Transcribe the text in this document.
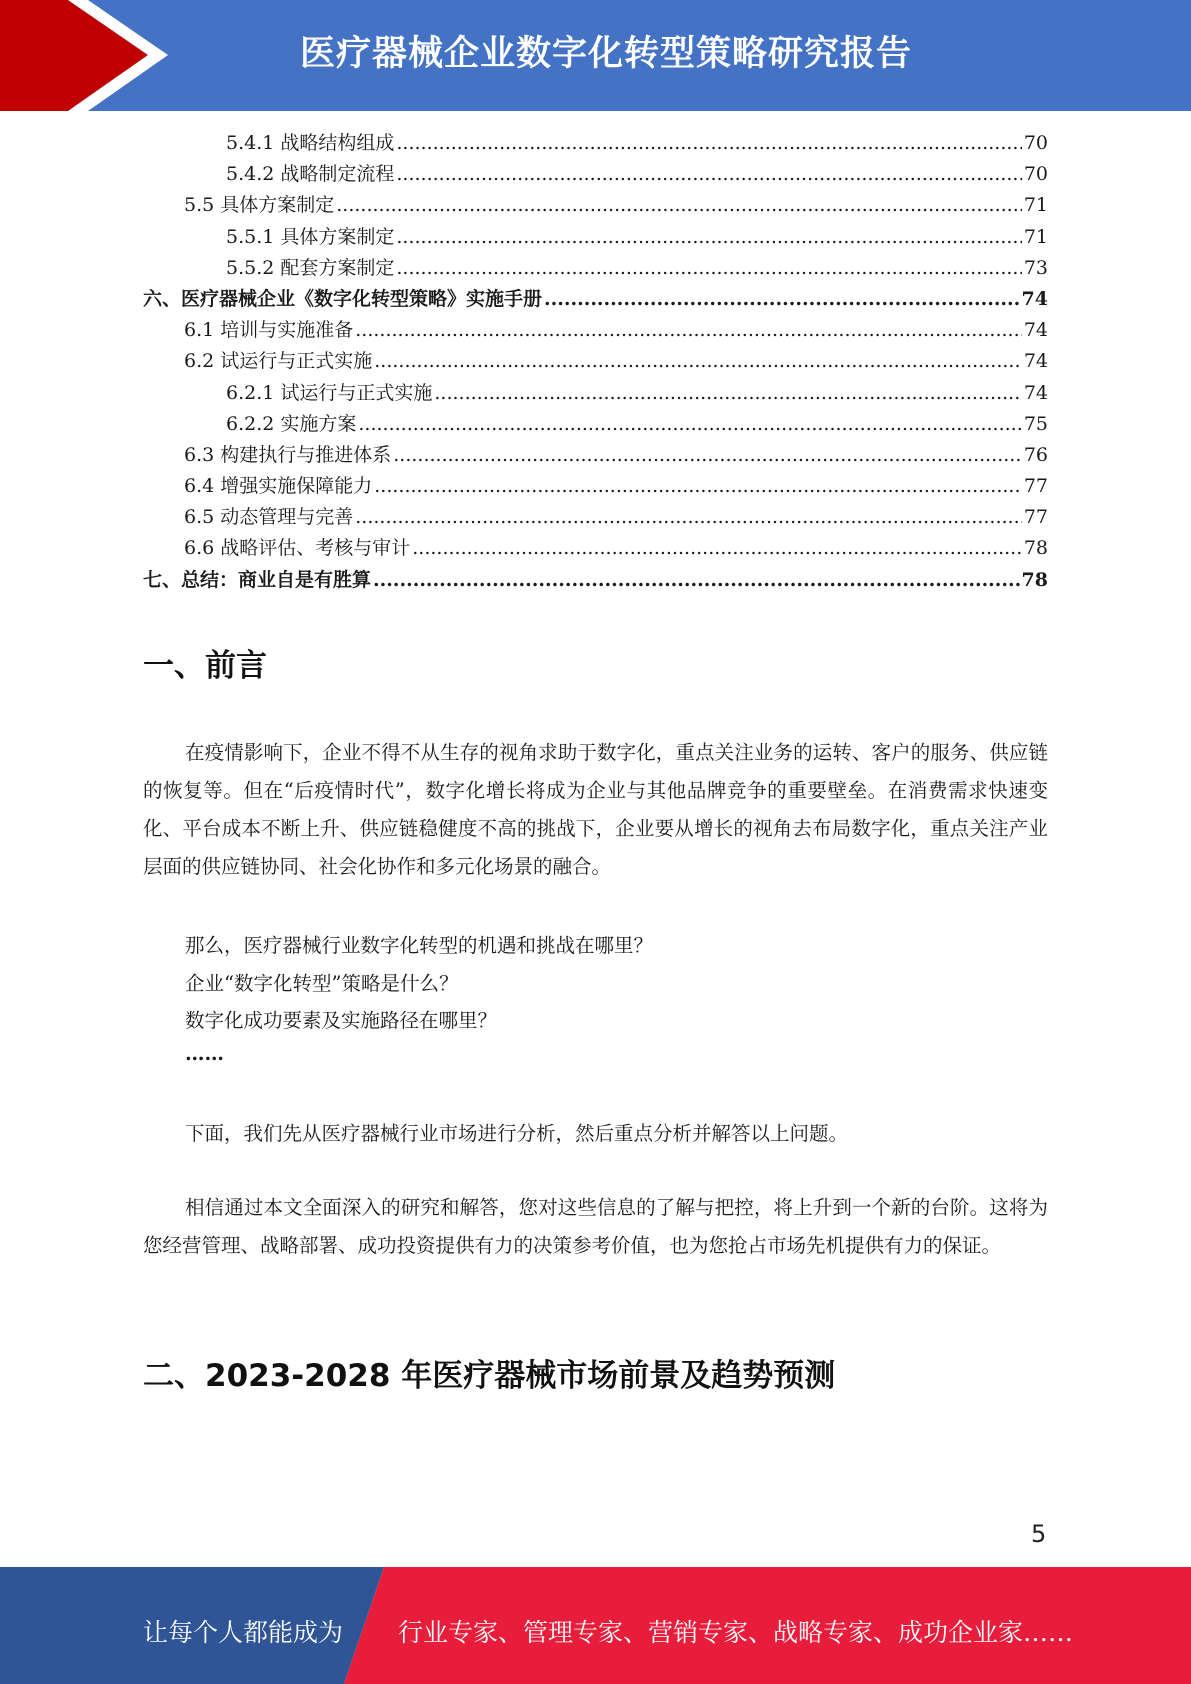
医疗器械企业数字化转型策略研究报告
5.4.1 战略结构组成 .....	70
5.4.2 战略制定流程 .....	70
5.5 具体方案制定 .....	71
5.5.1 具体方案制定 .....	71
5.5.2 配套方案制定 .....	73
六、医疗器械企业《数字化转型策略》实施手册 .....	74
6.1 培训与实施准备 .....	74
6.2 试运行与正式实施 .....	74
6.2.1 试运行与正式实施 .....	74
6.2.2 实施方案 .....	75
6.3 构建执行与推进体系 .....	76
6.4 增强实施保障能力 .....	77
6.5 动态管理与完善 .....	77
6.6 战略评估、考核与审计 .....	78
七、总结：商业自是有胜算 .....	78
一、前言
在疫情影响下，企业不得不从生存的视角求助于数字化，重点关注业务的运转、客户的服务、供应链的恢复等。但在“后疫情时代”，数字化增长将成为企业与其他品牌竞争的重要壁垒。在消费需求快速变化、平台成本不断上升、供应链稳健度不高的挑战下，企业要从增长的视角去布局数字化，重点关注产业层面的供应链协同、社会化协作和多元化场景的融合。
那么，医疗器械行业数字化转型的机遇和挑战在哪里？
企业“数字化转型”策略是什么？
数字化成功要素及实施路径在哪里？
……
下面，我们先从医疗器械行业市场进行分析，然后重点分析并解答以上问题。
相信通过本文全面深入的研究和解答，您对这些信息的了解与把控，将上升到一个新的台阶。这将为您经营管理、战略部署、成功投资提供有力的决策参考价值，也为您抢占市场先机提供有力的保证。
二、2023-2028 年医疗器械市场前景及趋势预测
5
让每个人都能成为 行业专家、管理专家、营销专家、战略专家、成功企业家……
